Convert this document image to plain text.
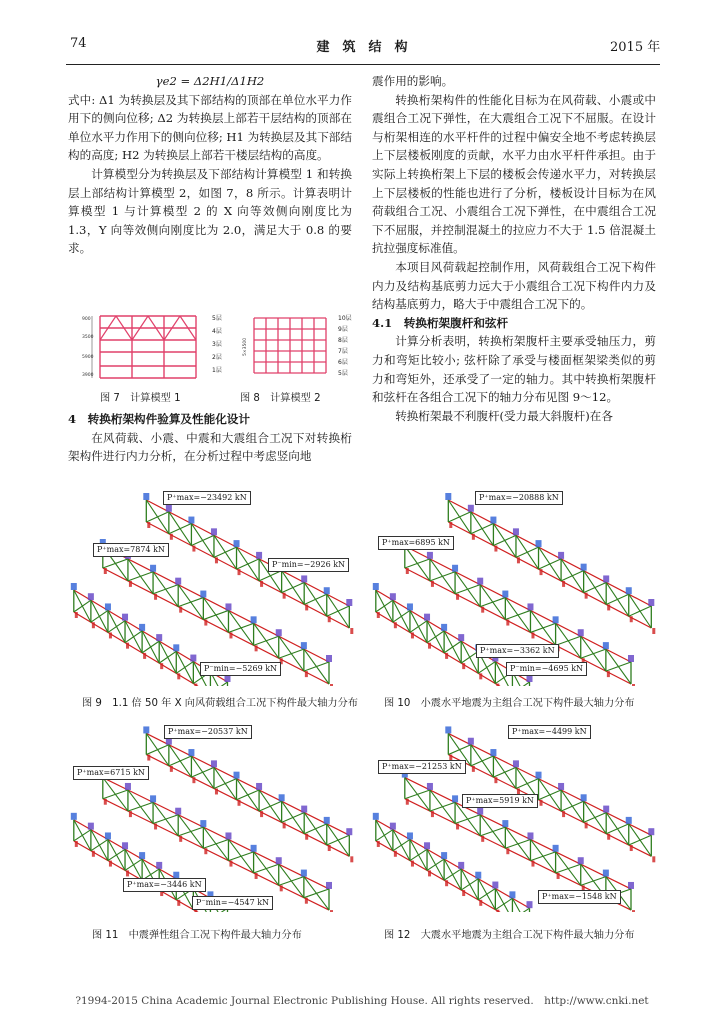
74	建　筑　结　构	2015 年

γe2 = Δ2H1/Δ1H2

式中: Δ1 为转换层及其下部结构的顶部在单位水平力作用下的侧向位移; Δ2 为转换层上部若干层结构的顶部在单位水平力作用下的侧向位移; H1 为转换层及其下部结构的高度; H2 为转换层上部若干楼层结构的高度。

计算模型分为转换层及下部结构计算模型 1 和转换层上部结构计算模型 2，如图 7，8 所示。计算表明计算模型 1 与计算模型 2 的 X 向等效侧向刚度比为 1.3，Y 向等效侧向刚度比为 2.0，满足大于 0.8 的要求。

900
3500
5900
3900
5层
4层
3层
2层
1层
5×3500
10层
9层
8层
7层
6层
5层
图 7　计算模型 1	图 8　计算模型 2

4　转换桁架构件验算及性能化设计

在风荷载、小震、中震和大震组合工况下对转换桁架构件进行内力分析，在分析过程中考虑竖向地

震作用的影响。

转换桁架构件的性能化目标为在风荷载、小震或中震组合工况下弹性，在大震组合工况下不屈服。在设计与桁架相连的水平杆件的过程中偏安全地不考虑转换层上下层楼板刚度的贡献，水平力由水平杆件承担。由于实际上转换桁架上下层的楼板会传递水平力，对转换层上下层楼板的性能也进行了分析，楼板设计目标为在风荷载组合工况、小震组合工况下弹性，在中震组合工况下不屈服，并控制混凝土的拉应力不大于 1.5 倍混凝土抗拉强度标准值。

本项目风荷载起控制作用，风荷载组合工况下构件内力及结构基底剪力远大于小震组合工况下构件内力及结构基底剪力，略大于中震组合工况下的。

4.1　转换桁架腹杆和弦杆

计算分析表明，转换桁架腹杆主要承受轴压力，剪力和弯矩比较小; 弦杆除了承受与楼面框架梁类似的剪力和弯矩外，还承受了一定的轴力。其中转换桁架腹杆和弦杆在各组合工况下的轴力分布见图 9～12。

转换桁架最不利腹杆(受力最大斜腹杆)在各

P⁺max=−23492 kN
P⁺max=7874 kN
P⁻min=−2926 kN
P⁻min=−5269 kN
图 9　1.1 倍 50 年 X 向风荷载组合工况下构件最大轴力分布
P⁺max=−20888 kN
P⁺max=6895 kN
P⁺max=−3362 kN
P⁻min=−4695 kN
图 10　小震水平地震为主组合工况下构件最大轴力分布
P⁺max=−20537 kN
P⁺max=6715 kN
P⁺max=−3446 kN
P⁻min=−4547 kN
图 11　中震弹性组合工况下构件最大轴力分布
P⁺max=−4499 kN
P⁺max=−21253 kN
P⁺max=5919 kN
P⁺max=−1548 kN
图 12　大震水平地震为主组合工况下构件最大轴力分布
?1994-2015 China Academic Journal Electronic Publishing House. All rights reserved.　http://www.cnki.net
